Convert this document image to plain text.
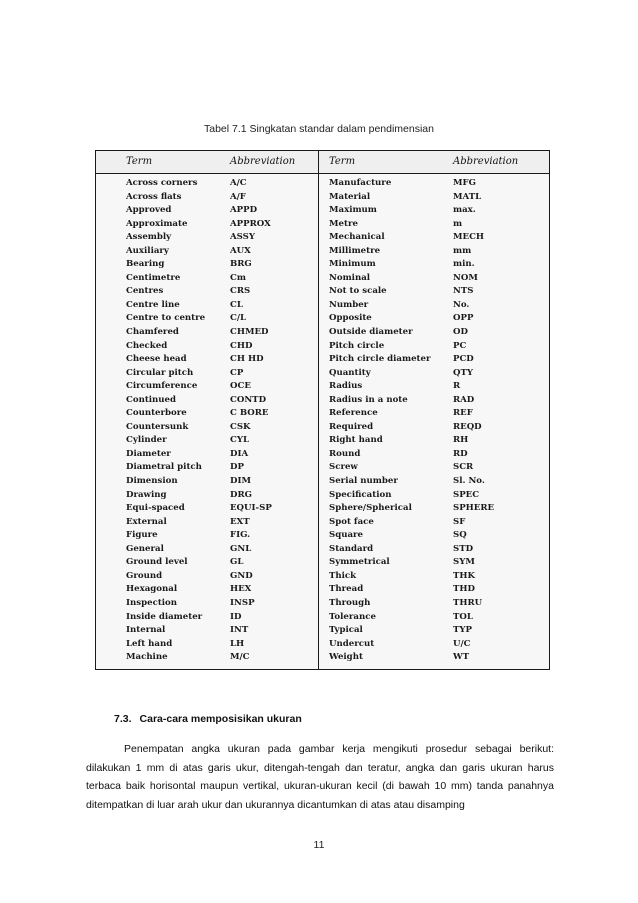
Tabel 7.1 Singkatan standar dalam pendimensian
Term	Abbreviation	Term	Abbreviation
Across corners	A/C	Manufacture	MFG
Across flats	A/F	Material	MATL
Approved	APPD	Maximum	max.
Approximate	APPROX	Metre	m
Assembly	ASSY	Mechanical	MECH
Auxiliary	AUX	Millimetre	mm
Bearing	BRG	Minimum	min.
Centimetre	Cm	Nominal	NOM
Centres	CRS	Not to scale	NTS
Centre line	CL	Number	No.
Centre to centre	C/L	Opposite	OPP
Chamfered	CHMED	Outside diameter	OD
Checked	CHD	Pitch circle	PC
Cheese head	CH HD	Pitch circle diameter	PCD
Circular pitch	CP	Quantity	QTY
Circumference	OCE	Radius	R
Continued	CONTD	Radius in a note	RAD
Counterbore	C BORE	Reference	REF
Countersunk	CSK	Required	REQD
Cylinder	CYL	Right hand	RH
Diameter	DIA	Round	RD
Diametral pitch	DP	Screw	SCR
Dimension	DIM	Serial number	Sl. No.
Drawing	DRG	Specification	SPEC
Equi-spaced	EQUI-SP	Sphere/Spherical	SPHERE
External	EXT	Spot face	SF
Figure	FIG.	Square	SQ
General	GNL	Standard	STD
Ground level	GL	Symmetrical	SYM
Ground	GND	Thick	THK
Hexagonal	HEX	Thread	THD
Inspection	INSP	Through	THRU
Inside diameter	ID	Tolerance	TOL
Internal	INT	Typical	TYP
Left hand	LH	Undercut	U/C
Machine	M/C	Weight	WT
7.3. Cara-cara memposisikan ukuran
Penempatan angka ukuran pada gambar kerja mengikuti prosedur sebagai berikut: dilakukan 1 mm di atas garis ukur, ditengah-tengah dan teratur, angka dan garis ukuran harus terbaca baik horisontal maupun vertikal, ukuran-ukuran kecil (di bawah 10 mm) tanda panahnya ditempatkan di luar arah ukur dan ukurannya dicantumkan di atas atau disamping
11
